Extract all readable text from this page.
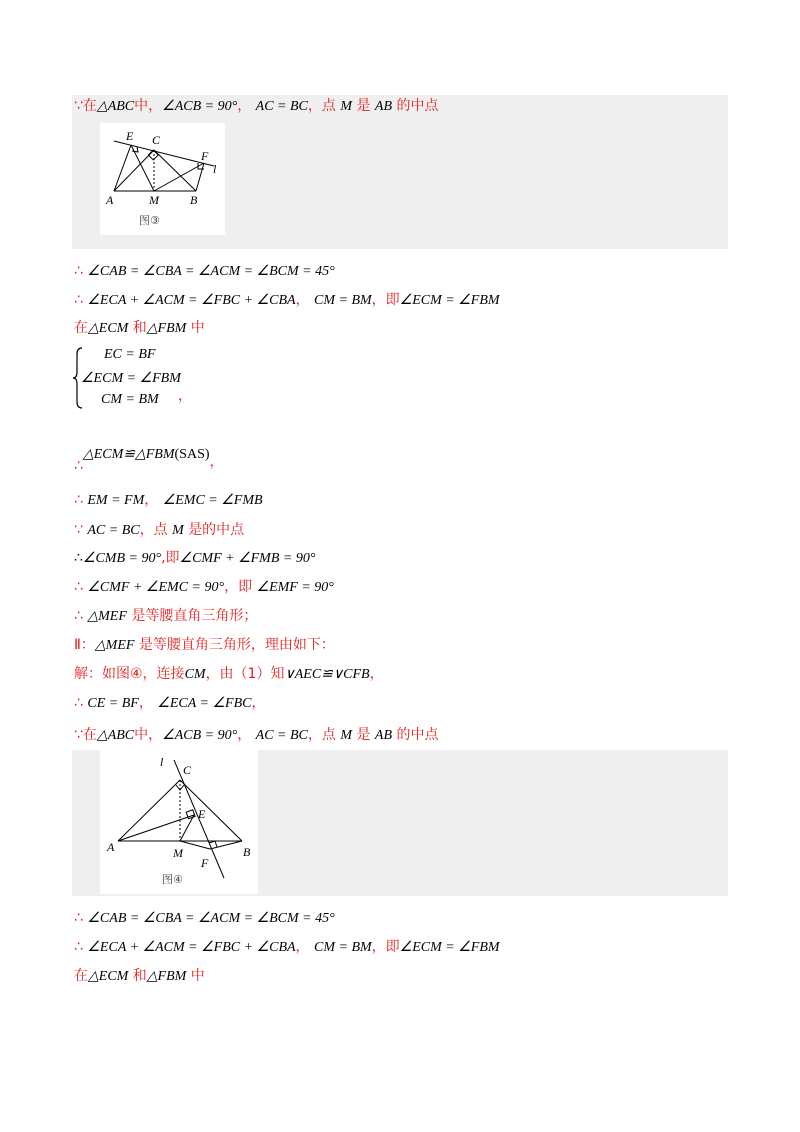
∵在△ABC中，∠ACB = 90°， AC = BC，点 M 是 AB 的中点
E C
F
l
A	M	B
图③
∴ ∠CAB = ∠CBA = ∠ACM = ∠BCM = 45°
∴ ∠ECA + ∠ACM = ∠FBC + ∠CBA， CM = BM，即∠ECM = ∠FBM
在△ECM 和△FBM 中
EC = BF
∠ECM = ∠FBM
CM = BM ，
∴△ECM≌△FBM(SAS)，
∴ EM = FM， ∠EMC = ∠FMB
∵ AC = BC，点 M 是的中点
∴∠CMB = 90°,即∠CMF + ∠FMB = 90°
∴ ∠CMF + ∠EMC = 90°，即 ∠EMF = 90°
∴ △MEF 是等腰直角三角形；
Ⅱ：△MEF 是等腰直角三角形，理由如下：
解：如图④，连接CM，由（1）知∨AEC≌∨CFB，
∴ CE = BF， ∠ECA = ∠FBC，
∵在△ABC中，∠ACB = 90°， AC = BC，点 M 是 AB 的中点
l
C
E
A	M
F
B
图④
∴ ∠CAB = ∠CBA = ∠ACM = ∠BCM = 45°
∴ ∠ECA + ∠ACM = ∠FBC + ∠CBA， CM = BM，即∠ECM = ∠FBM
在△ECM 和△FBM 中
